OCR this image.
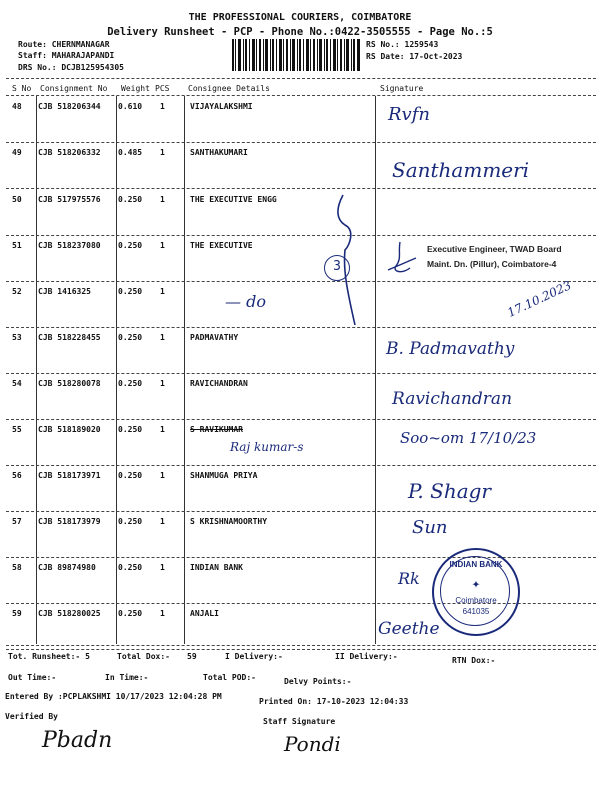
THE PROFESSIONAL COURIERS, COIMBATORE
Delivery Runsheet - PCP - Phone No.:0422-3505555 - Page No.:5
Route: CHERNMANAGAR
Staff: MAHARAJAPANDI
DRS No.: DCJB125954305
RS No.: 1259543
RS Date: 17-Oct-2023
S No Consignment No Weight PCS Consignee Details	Signature
48 CJB 518206344 0.610 1	VIJAYALAKSHMI	Rvfn
49 CJB 518206332 0.485 1	SANTHAKUMARI
Santhammeri
50 CJB 517975576 0.250 1	THE EXECUTIVE ENGG
51 CJB 518237080 0.250 1	THE EXECUTIVE
52 CJB 1416325	0.250 1
53 CJB 518228455 0.250 1	PADMAVATHY
B. Padmavathy
54 CJB 518280078 0.250 1	RAVICHANDRAN
Ravichandran
55 CJB 518189020 0.250 1	S RAVIKUMAR	Soo~om 17/10/23
56 CJB 518173971 0.250 1	SHANMUGA PRIYA
P. Shagr
57 CJB 518173979 0.250 1	S KRISHNAMOORTHY	Sun
58 CJB 89874980	0.250 1	INDIAN BANK
Rk
59 CJB 518280025 0.250 1	ANJALI
Geethe
— do
Raj kumar-s
3
Executive Engineer, TWAD Board
Maint. Dn. (Pillur), Coimbatore-4
17.10.2023
INDIAN BANK
✦
Coimbatore
641035
Tot. Runsheet:- 5	Total Dox:- 59	I Delivery:-	II Delivery:-	RTN Dox:-
Out Time:-	In Time:-	Total POD:-	Delvy Points:-
Entered By :PCPLAKSHMI 10/17/2023 12:04:28 PM
Printed On: 17-10-2023 12:04:33
Verified By
Staff Signature
Pbadn	Pondi
